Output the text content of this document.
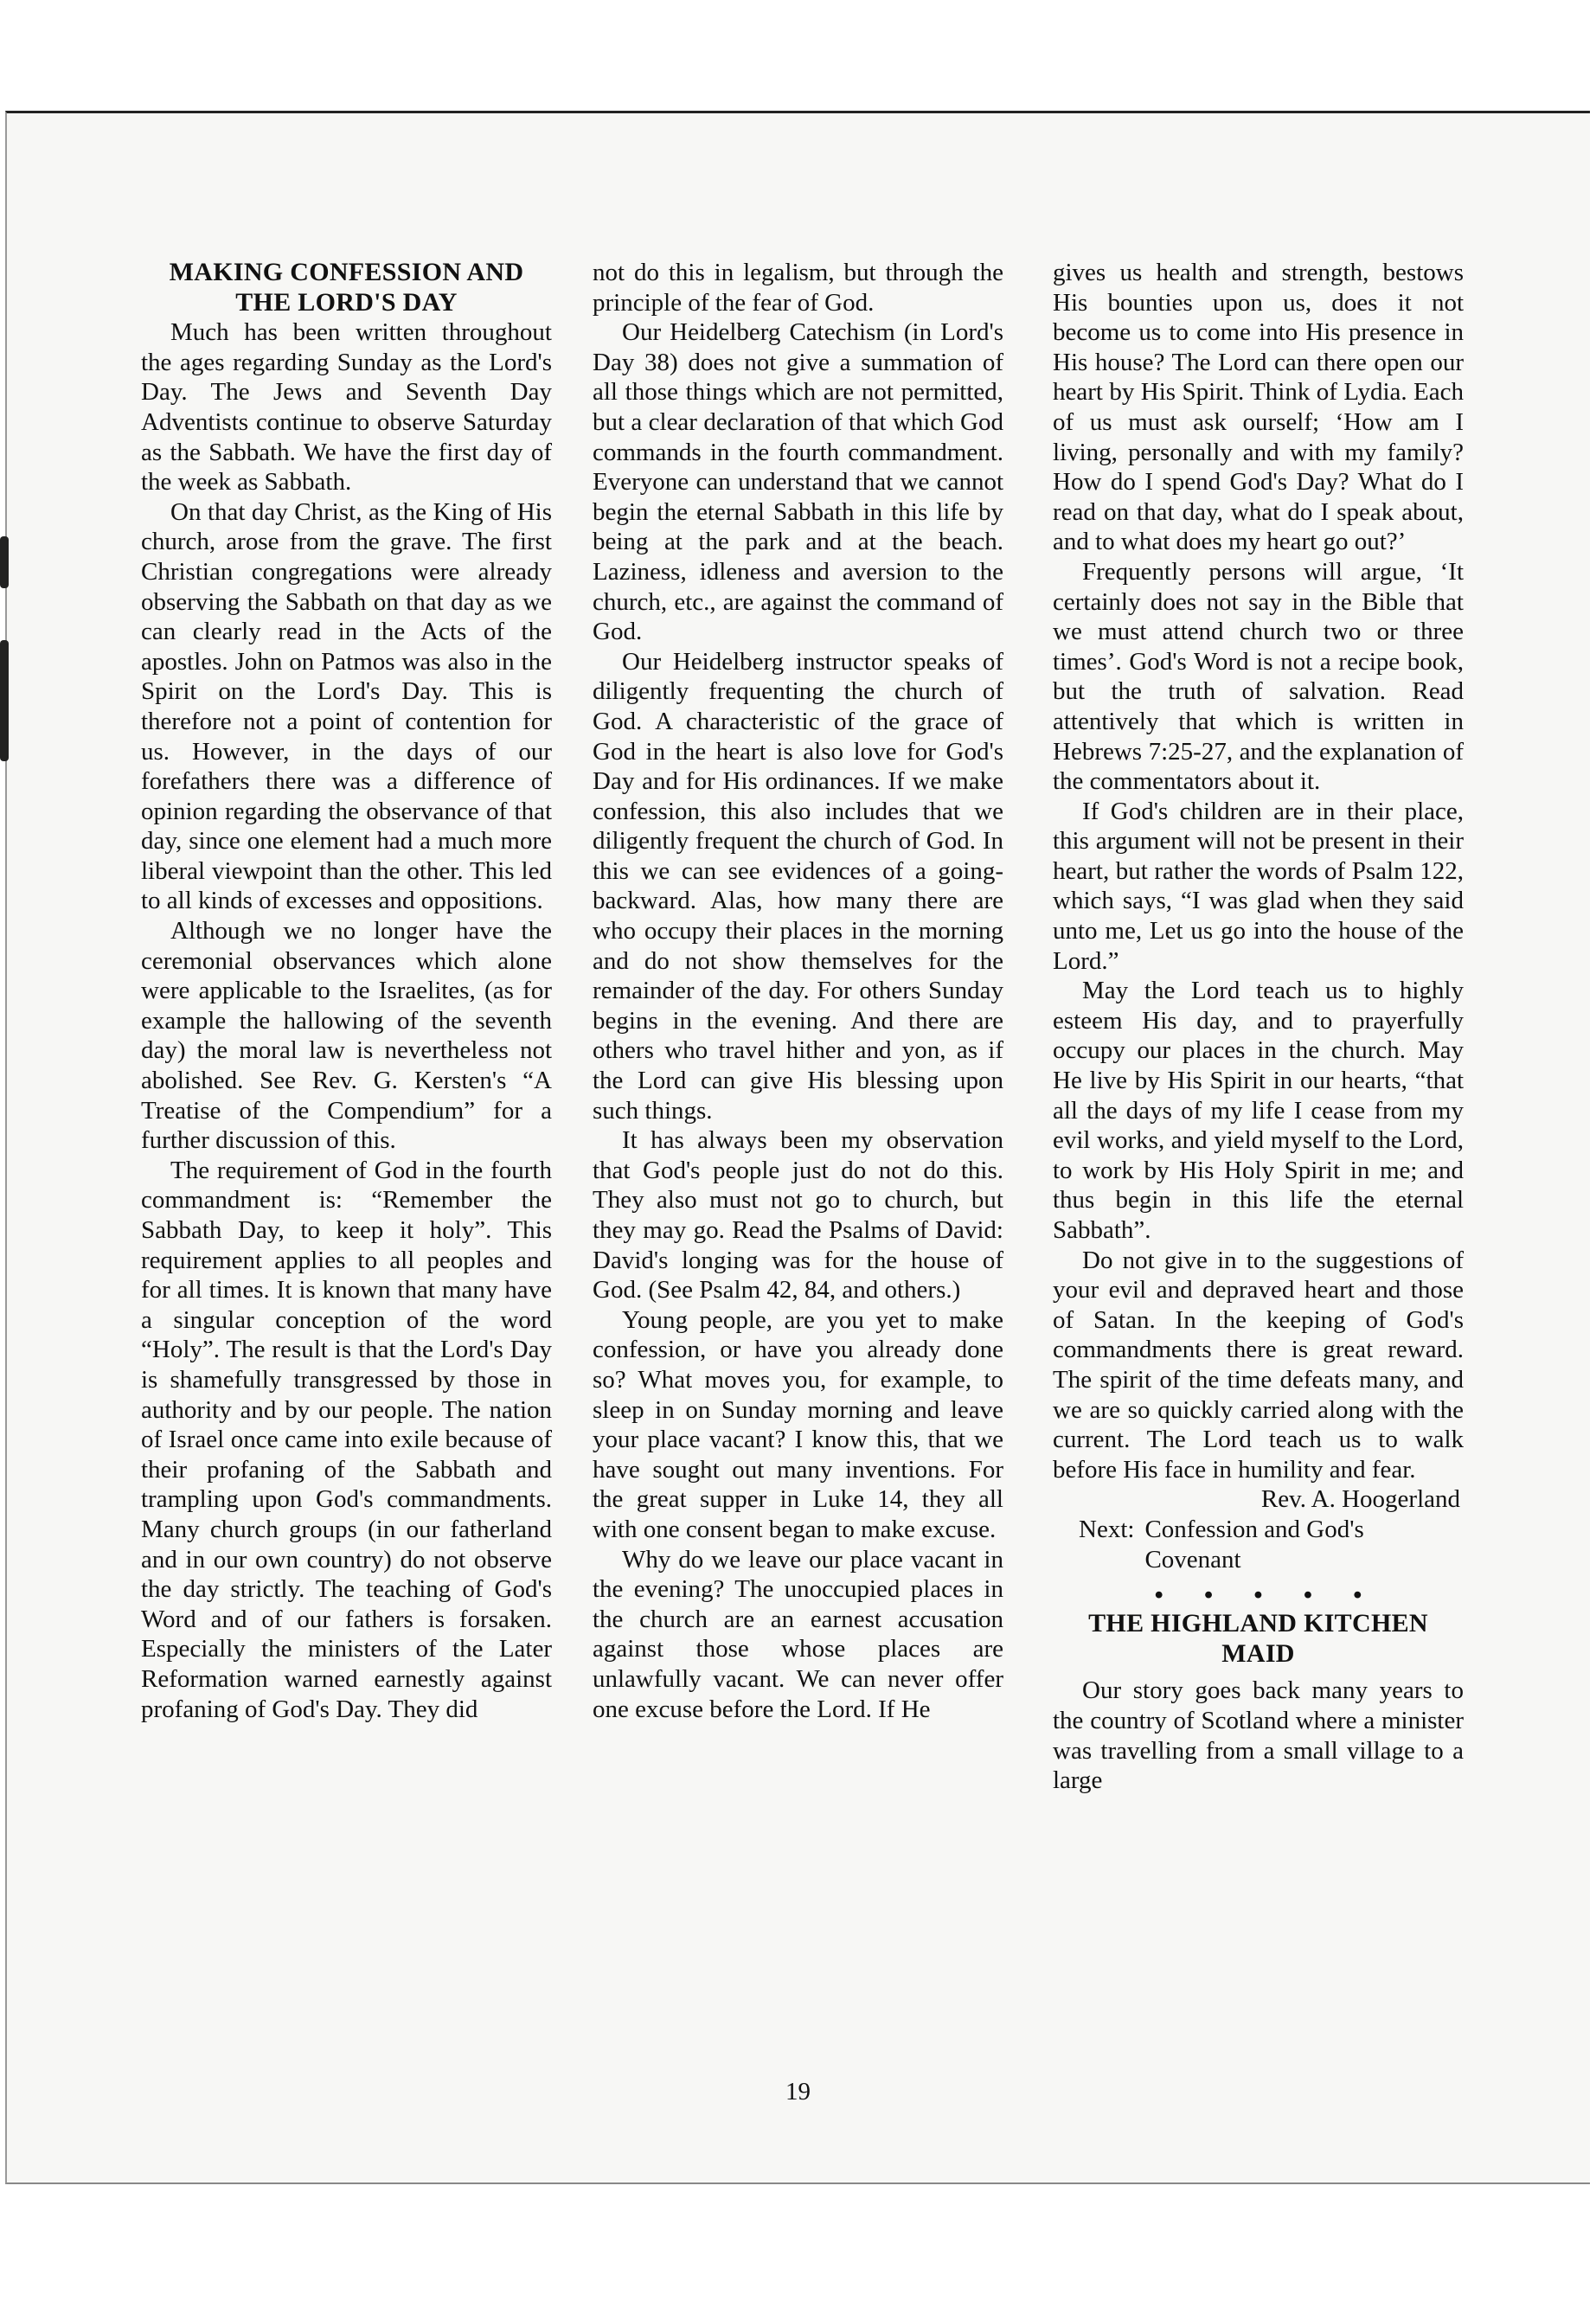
MAKING CONFESSION AND THE LORD'S DAY

Much has been written throughout the ages regarding Sunday as the Lord's Day. The Jews and Seventh Day Adventists continue to observe Saturday as the Sabbath. We have the first day of the week as Sabbath.

On that day Christ, as the King of His church, arose from the grave. The first Christian congregations were already observing the Sabbath on that day as we can clearly read in the Acts of the apostles. John on Patmos was also in the Spirit on the Lord's Day. This is therefore not a point of contention for us. However, in the days of our forefathers there was a difference of opinion regarding the observance of that day, since one element had a much more liberal viewpoint than the other. This led to all kinds of excesses and oppositions.

Although we no longer have the ceremonial observances which alone were applicable to the Israelites, (as for example the hallowing of the seventh day) the moral law is nevertheless not abolished. See Rev. G. Kersten's “A Treatise of the Compendium” for a further discussion of this.

The requirement of God in the fourth commandment is: “Remember the Sabbath Day, to keep it holy”. This requirement applies to all peoples and for all times. It is known that many have a singular conception of the word “Holy”. The result is that the Lord's Day is shamefully transgressed by those in authority and by our people. The nation of Israel once came into exile because of their profaning of the Sabbath and trampling upon God's commandments. Many church groups (in our fatherland and in our own country) do not observe the day strictly. The teaching of God's Word and of our fathers is forsaken. Especially the ministers of the Later Reformation warned earnestly against profaning of God's Day. They did

not do this in legalism, but through the principle of the fear of God.

Our Heidelberg Catechism (in Lord's Day 38) does not give a summation of all those things which are not permitted, but a clear declaration of that which God commands in the fourth commandment. Everyone can understand that we cannot begin the eternal Sabbath in this life by being at the park and at the beach. Laziness, idleness and aversion to the church, etc., are against the command of God.

Our Heidelberg instructor speaks of diligently frequenting the church of God. A characteristic of the grace of God in the heart is also love for God's Day and for His ordinances. If we make confession, this also includes that we diligently frequent the church of God. In this we can see evidences of a going-backward. Alas, how many there are who occupy their places in the morning and do not show themselves for the remainder of the day. For others Sunday begins in the evening. And there are others who travel hither and yon, as if the Lord can give His blessing upon such things.

It has always been my observation that God's people just do not do this. They also must not go to church, but they may go. Read the Psalms of David: David's longing was for the house of God. (See Psalm 42, 84, and others.)

Young people, are you yet to make confession, or have you already done so? What moves you, for example, to sleep in on Sunday morning and leave your place vacant? I know this, that we have sought out many inventions. For the great supper in Luke 14, they all with one consent began to make excuse.

Why do we leave our place vacant in the evening? The unoccupied places in the church are an earnest accusation against those whose places are unlawfully vacant. We can never offer one excuse before the Lord. If He

gives us health and strength, bestows His bounties upon us, does it not become us to come into His presence in His house? The Lord can there open our heart by His Spirit. Think of Lydia. Each of us must ask ourself; ‘How am I living, personally and with my family? How do I spend God's Day? What do I read on that day, what do I speak about, and to what does my heart go out?’

Frequently persons will argue, ‘It certainly does not say in the Bible that we must attend church two or three times’. God's Word is not a recipe book, but the truth of salvation. Read attentively that which is written in Hebrews 7:25-27, and the explanation of the commentators about it.

If God's children are in their place, this argument will not be present in their heart, but rather the words of Psalm 122, which says, “I was glad when they said unto me, Let us go into the house of the Lord.”

May the Lord teach us to highly esteem His day, and to prayerfully occupy our places in the church. May He live by His Spirit in our hearts, “that all the days of my life I cease from my evil works, and yield myself to the Lord, to work by His Holy Spirit in me; and thus begin in this life the eternal Sabbath”.

Do not give in to the suggestions of your evil and depraved heart and those of Satan. In the keeping of God's commandments there is great reward. The spirit of the time defeats many, and we are so quickly carried along with the current. The Lord teach us to walk before His face in humility and fear.

Rev. A. Hoogerland

Next: Confession and God's Covenant
• • • • •
THE HIGHLAND KITCHEN MAID

Our story goes back many years to the country of Scotland where a minister was travelling from a small village to a large

19
